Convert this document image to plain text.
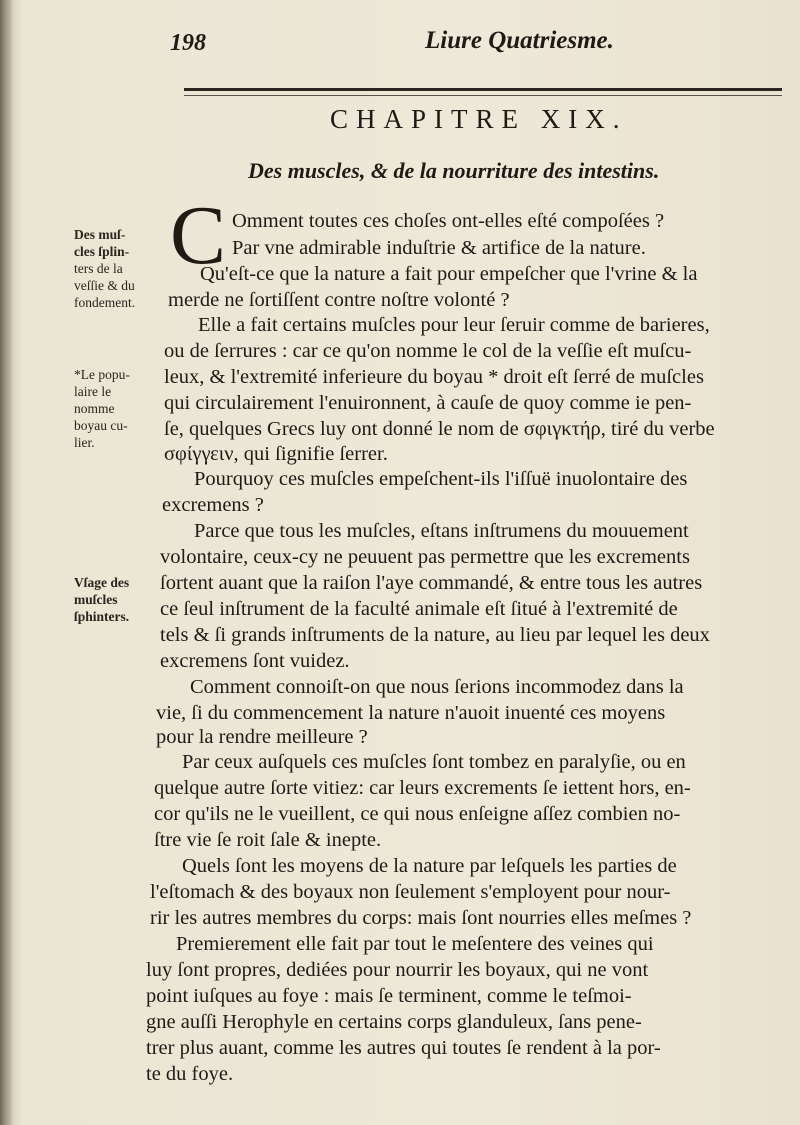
198	Liure Quatriesme.
CHAPITRE XIX.
Des muscles, & de la nourriture des intestins.
Des muſ-
cles ſplin-
ters de la
veſſie & du
fondement.
*Le popu-
laire le
nomme
boyau cu-
lier.
Vſage des
muſcles
ſphinters.
C Omment toutes ces choſes ont-elles eſté compoſées ?
Par vne admirable induſtrie & artifice de la nature.
Qu'eſt-ce que la nature a fait pour empeſcher que l'vrine & la
merde ne ſortiſſent contre noſtre volonté ?
Elle a fait certains muſcles pour leur ſeruir comme de barieres,
ou de ſerrures : car ce qu'on nomme le col de la veſſie eſt muſcu-
leux, & l'extremité inferieure du boyau * droit eſt ſerré de muſcles
qui circulairement l'enuironnent, à cauſe de quoy comme ie pen-
ſe, quelques Grecs luy ont donné le nom de σφιγκτήρ, tiré du verbe
σφίγγειν, qui ſignifie ſerrer.
Pourquoy ces muſcles empeſchent-ils l'iſſuë inuolontaire des
excremens ?
Parce que tous les muſcles, eſtans inſtrumens du mouuement
volontaire, ceux-cy ne peuuent pas permettre que les excrements
ſortent auant que la raiſon l'aye commandé, & entre tous les autres
ce ſeul inſtrument de la faculté animale eſt ſitué à l'extremité de
tels & ſi grands inſtruments de la nature, au lieu par lequel les deux
excremens ſont vuidez.
Comment connoiſt-on que nous ſerions incommodez dans la
vie, ſi du commencement la nature n'auoit inuenté ces moyens
pour la rendre meilleure ?
Par ceux auſquels ces muſcles ſont tombez en paralyſie, ou en
quelque autre ſorte vitiez: car leurs excrements ſe iettent hors, en-
cor qu'ils ne le vueillent, ce qui nous enſeigne aſſez combien no-
ſtre vie ſe roit ſale & inepte.
Quels ſont les moyens de la nature par leſquels les parties de
l'eſtomach & des boyaux non ſeulement s'employent pour nour-
rir les autres membres du corps: mais ſont nourries elles meſmes ?
Premierement elle fait par tout le meſentere des veines qui
luy ſont propres, dediées pour nourrir les boyaux, qui ne vont
point iuſques au foye : mais ſe terminent, comme le teſmoi-
gne auſſi Herophyle en certains corps glanduleux, ſans pene-
trer plus auant, comme les autres qui toutes ſe rendent à la por-
te du foye.
